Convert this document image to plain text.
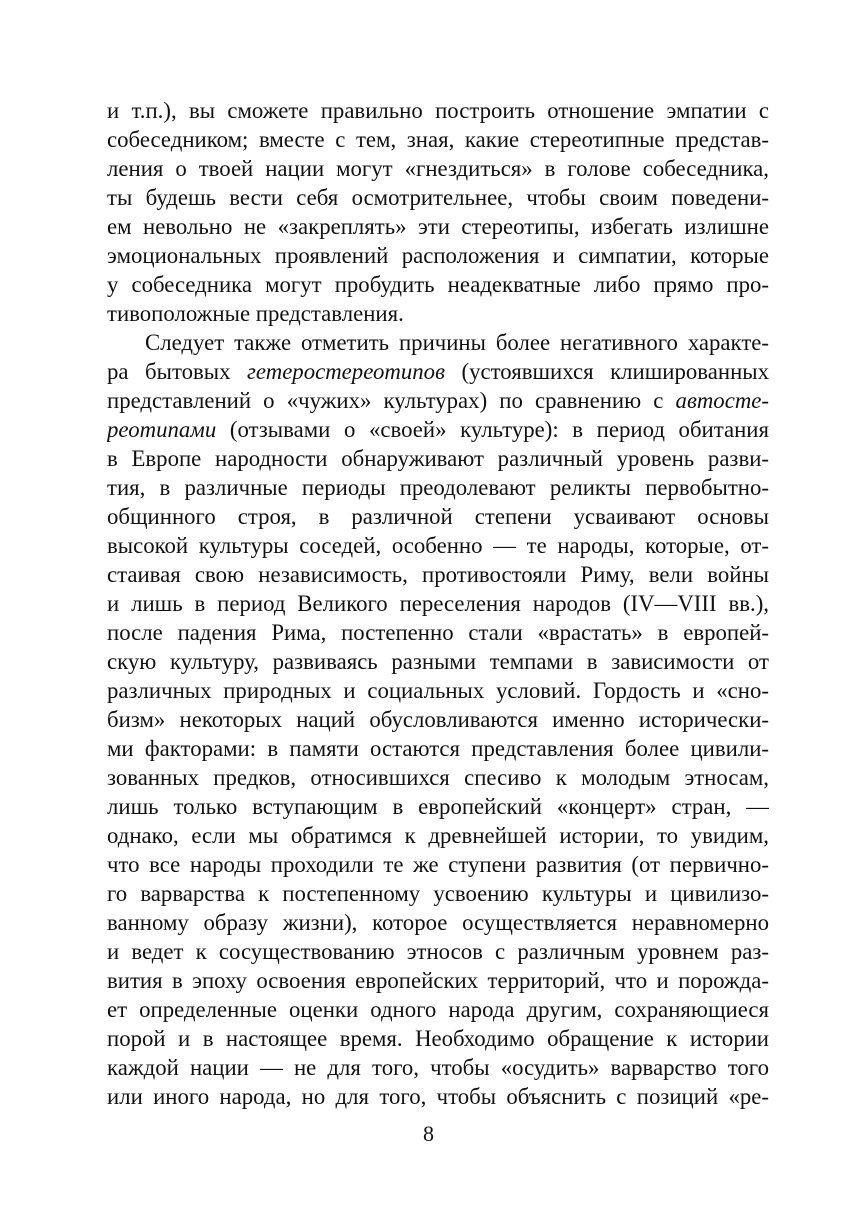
и т.п.), вы сможете правильно построить отношение эмпатии с
собеседником; вместе с тем, зная, какие стереотипные представ-
ления о твоей нации могут «гнездиться» в голове собеседника,
ты будешь вести себя осмотрительнее, чтобы своим поведени-
ем невольно не «закреплять» эти стереотипы, избегать излишне
эмоциональных проявлений расположения и симпатии, которые
у собеседника могут пробудить неадекватные либо прямо про-
тивоположные представления.
Следует также отметить причины более негативного характе-
ра бытовых гетеростереотипов (устоявшихся клишированных
представлений о «чужих» культурах) по сравнению с автосте-
реотипами (отзывами о «своей» культуре): в период обитания
в Европе народности обнаруживают различный уровень разви-
тия, в различные периоды преодолевают реликты первобытно-
общинного строя, в различной степени усваивают основы
высокой культуры соседей, особенно — те народы, которые, от-
стаивая свою независимость, противостояли Риму, вели войны
и лишь в период Великого переселения народов (IV—VIII вв.),
после падения Рима, постепенно стали «врастать» в европей-
скую культуру, развиваясь разными темпами в зависимости от
различных природных и социальных условий. Гордость и «сно-
бизм» некоторых наций обусловливаются именно исторически-
ми факторами: в памяти остаются представления более цивили-
зованных предков, относившихся спесиво к молодым этносам,
лишь только вступающим в европейский «концерт» стран, —
однако, если мы обратимся к древнейшей истории, то увидим,
что все народы проходили те же ступени развития (от первично-
го варварства к постепенному усвоению культуры и цивилизо-
ванному образу жизни), которое осуществляется неравномерно
и ведет к сосуществованию этносов с различным уровнем раз-
вития в эпоху освоения европейских территорий, что и порожда-
ет определенные оценки одного народа другим, сохраняющиеся
порой и в настоящее время. Необходимо обращение к истории
каждой нации — не для того, чтобы «осудить» варварство того
или иного народа, но для того, чтобы объяснить с позиций «ре-
8
